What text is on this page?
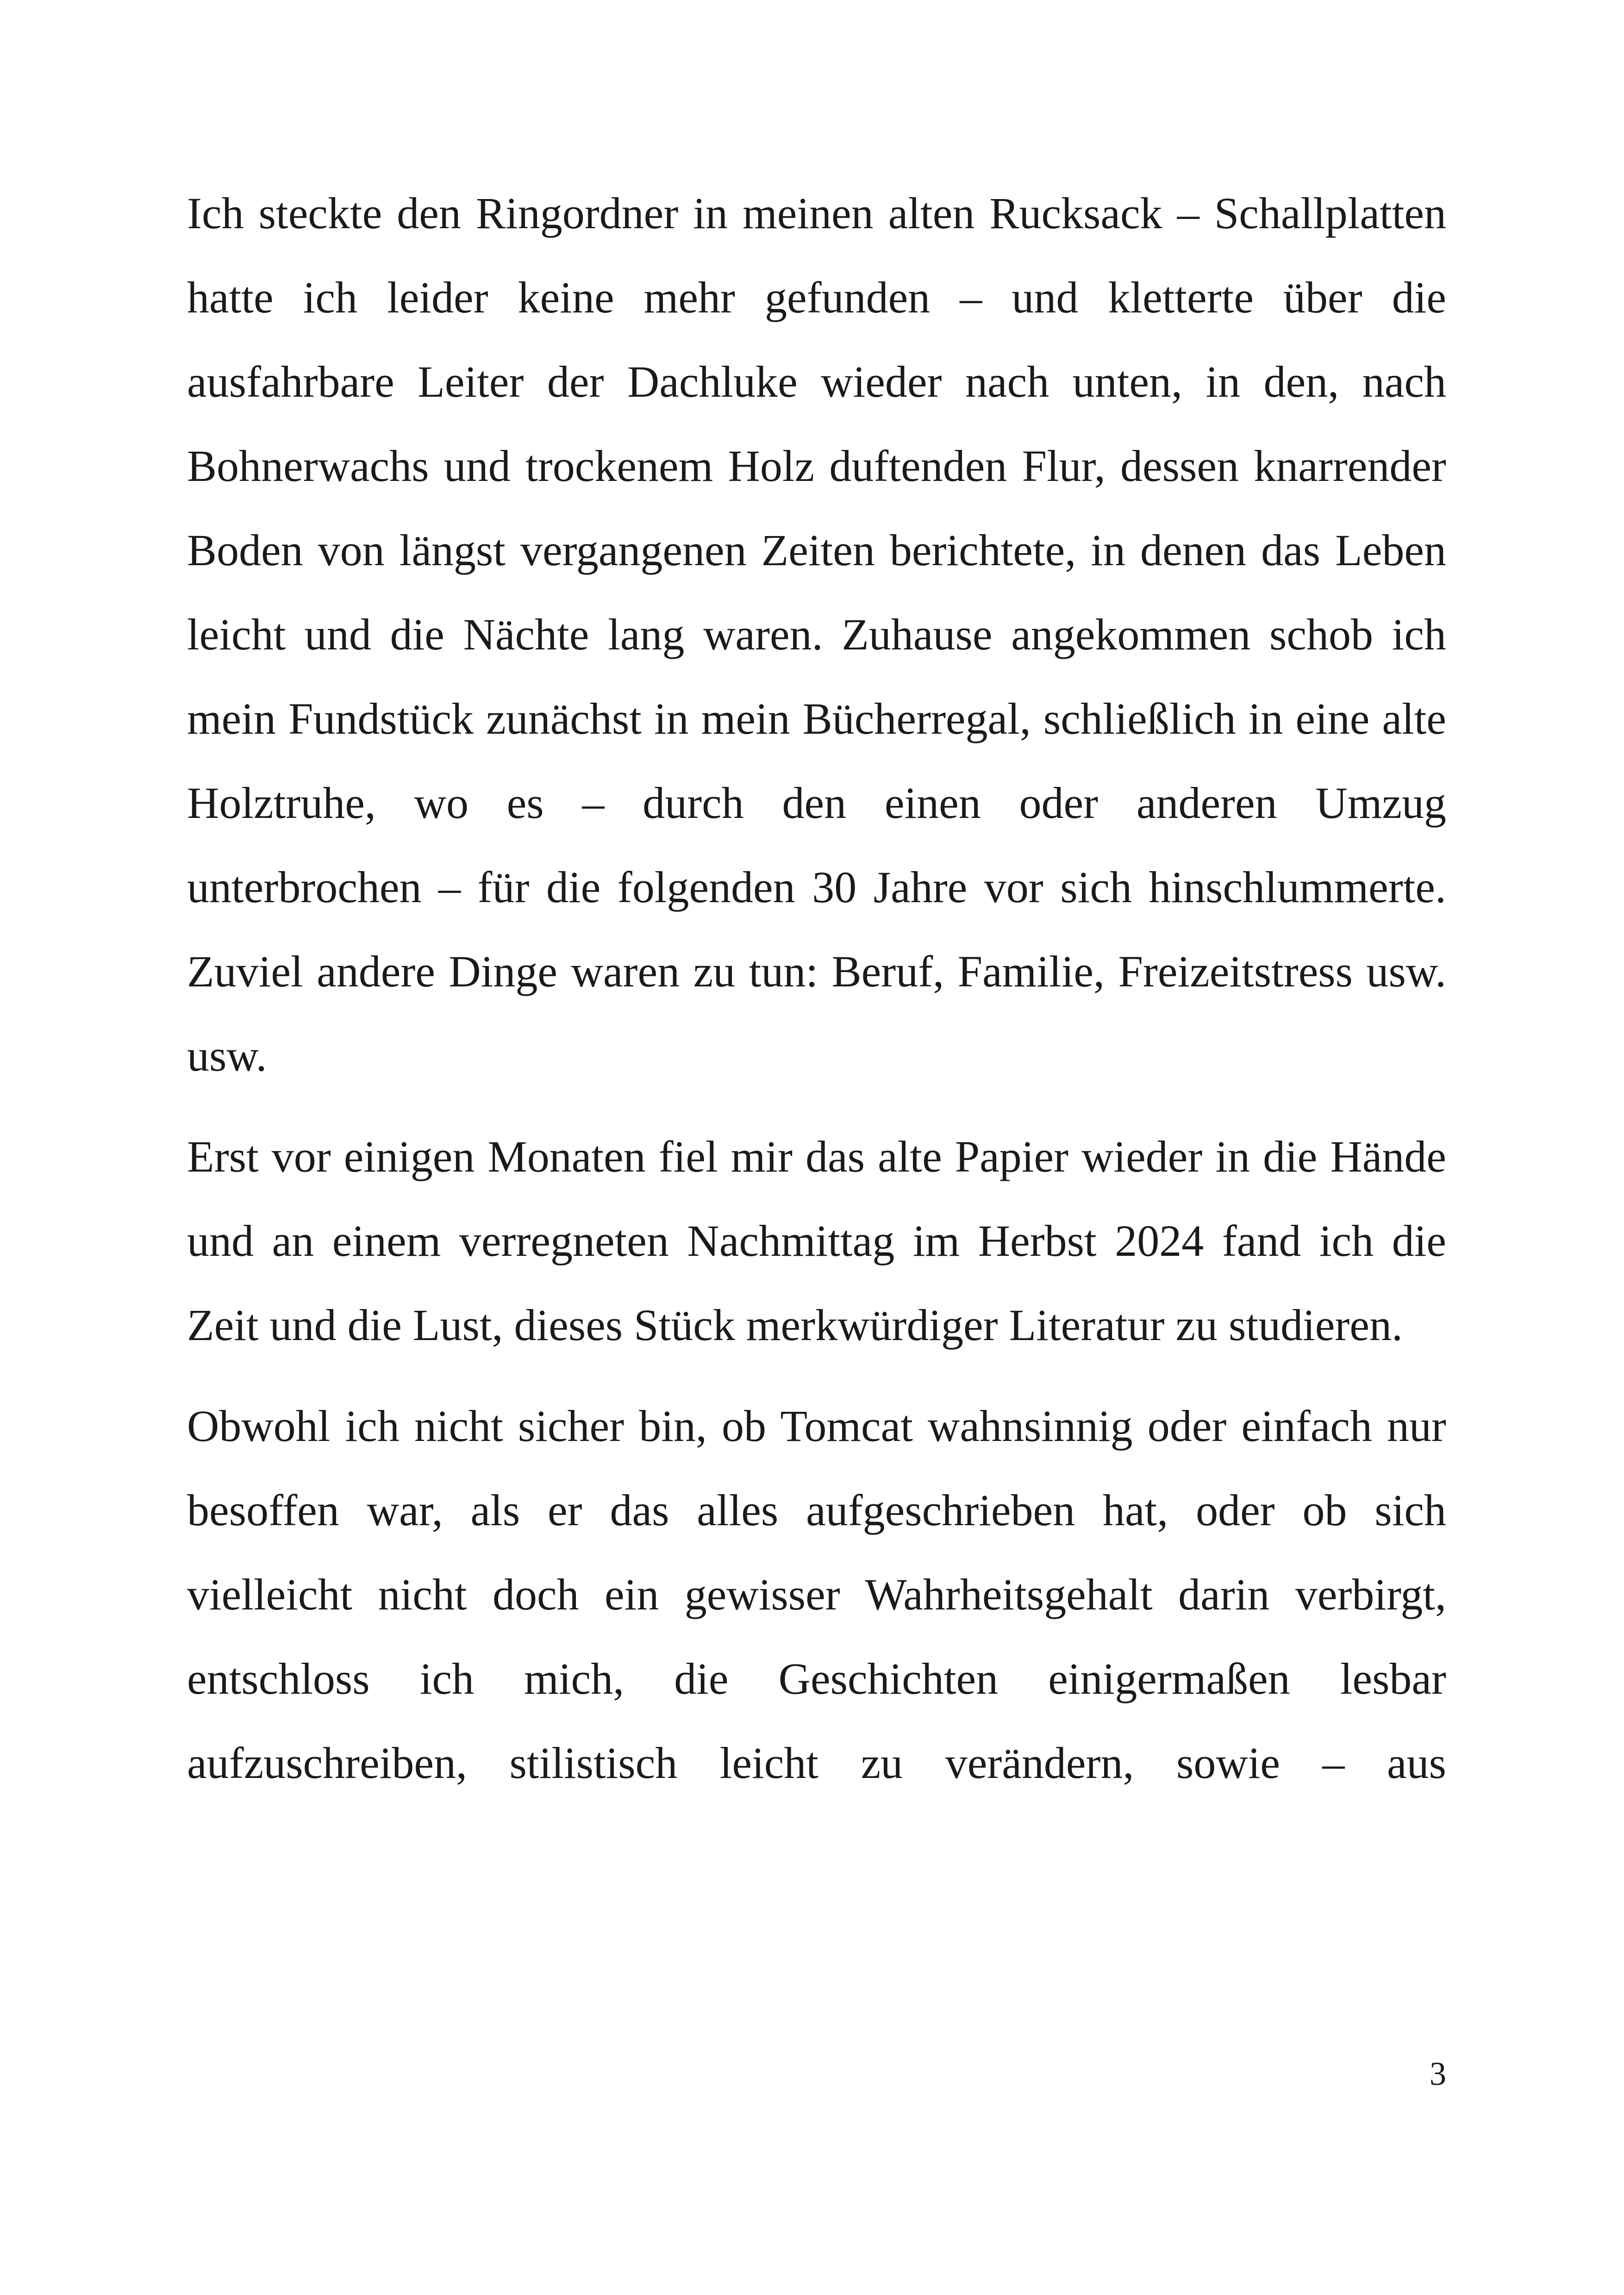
Ich steckte den Ringordner in meinen alten Rucksack – Schallplatten hatte ich leider keine mehr gefunden – und kletterte über die ausfahrbare Leiter der Dachluke wieder nach unten, in den, nach Bohnerwachs und trockenem Holz duftenden Flur, dessen knarrender Boden von längst vergangenen Zeiten berichtete, in denen das Leben leicht und die Nächte lang waren. Zuhause angekommen schob ich mein Fundstück zunächst in mein Bücherregal, schließlich in eine alte Holztruhe, wo es – durch den einen oder anderen Umzug unterbrochen – für die folgenden 30 Jahre vor sich hinschlummerte. Zuviel andere Dinge waren zu tun: Beruf, Familie, Freizeitstress usw. usw.

Erst vor einigen Monaten fiel mir das alte Papier wieder in die Hände und an einem verregneten Nachmittag im Herbst 2024 fand ich die Zeit und die Lust, dieses Stück merkwürdiger Literatur zu studieren.

Obwohl ich nicht sicher bin, ob Tomcat wahnsinnig oder einfach nur besoffen war, als er das alles aufgeschrieben hat, oder ob sich vielleicht nicht doch ein gewisser Wahrheitsgehalt darin verbirgt, entschloss ich mich, die Geschichten einigermaßen lesbar aufzuschreiben, stilistisch leicht zu verändern, sowie – aus

3
